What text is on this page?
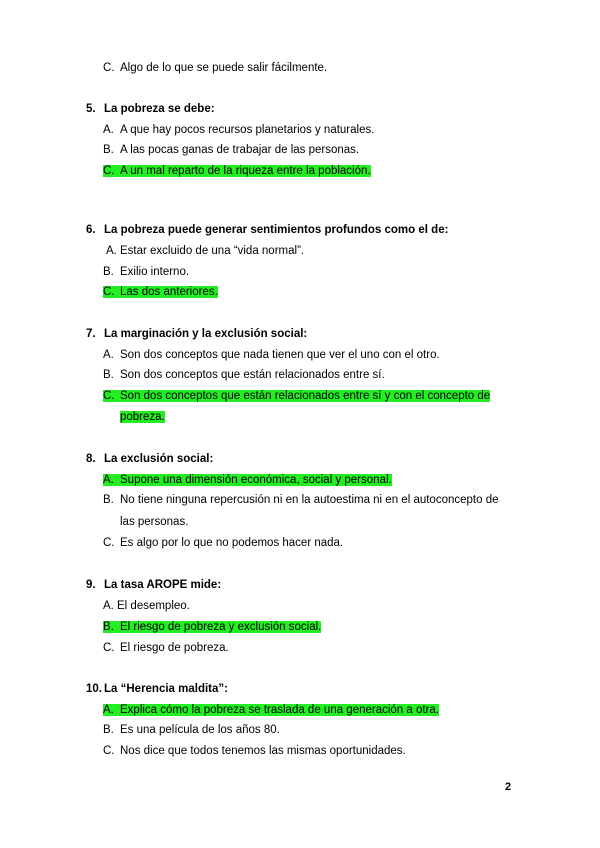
C. Algo de lo que se puede salir fácilmente.
5. La pobreza se debe:
A. A que hay pocos recursos planetarios y naturales.
B. A las pocas ganas de trabajar de las personas.
C. A un mal reparto de la riqueza entre la población.
6. La pobreza puede generar sentimientos profundos como el de:
A. Estar excluido de una “vida normal”.
B. Exilio interno.
C. Las dos anteriores.
7. La marginación y la exclusión social:
A. Son dos conceptos que nada tienen que ver el uno con el otro.
B. Son dos conceptos que están relacionados entre sí.
C. Son dos conceptos que están relacionados entre sí y con el concepto de
pobreza.
8. La exclusión social:
A. Supone una dimensión económica, social y personal.
B. No tiene ninguna repercusión ni en la autoestima ni en el autoconcepto de
las personas.
C. Es algo por lo que no podemos hacer nada.
9. La tasa AROPE mide:
A. El desempleo.
B. El riesgo de pobreza y exclusión social.
C. El riesgo de pobreza.
10. La “Herencia maldita”:
A. Explica cómo la pobreza se traslada de una generación a otra.
B. Es una película de los años 80.
C. Nos dice que todos tenemos las mismas oportunidades.
2
